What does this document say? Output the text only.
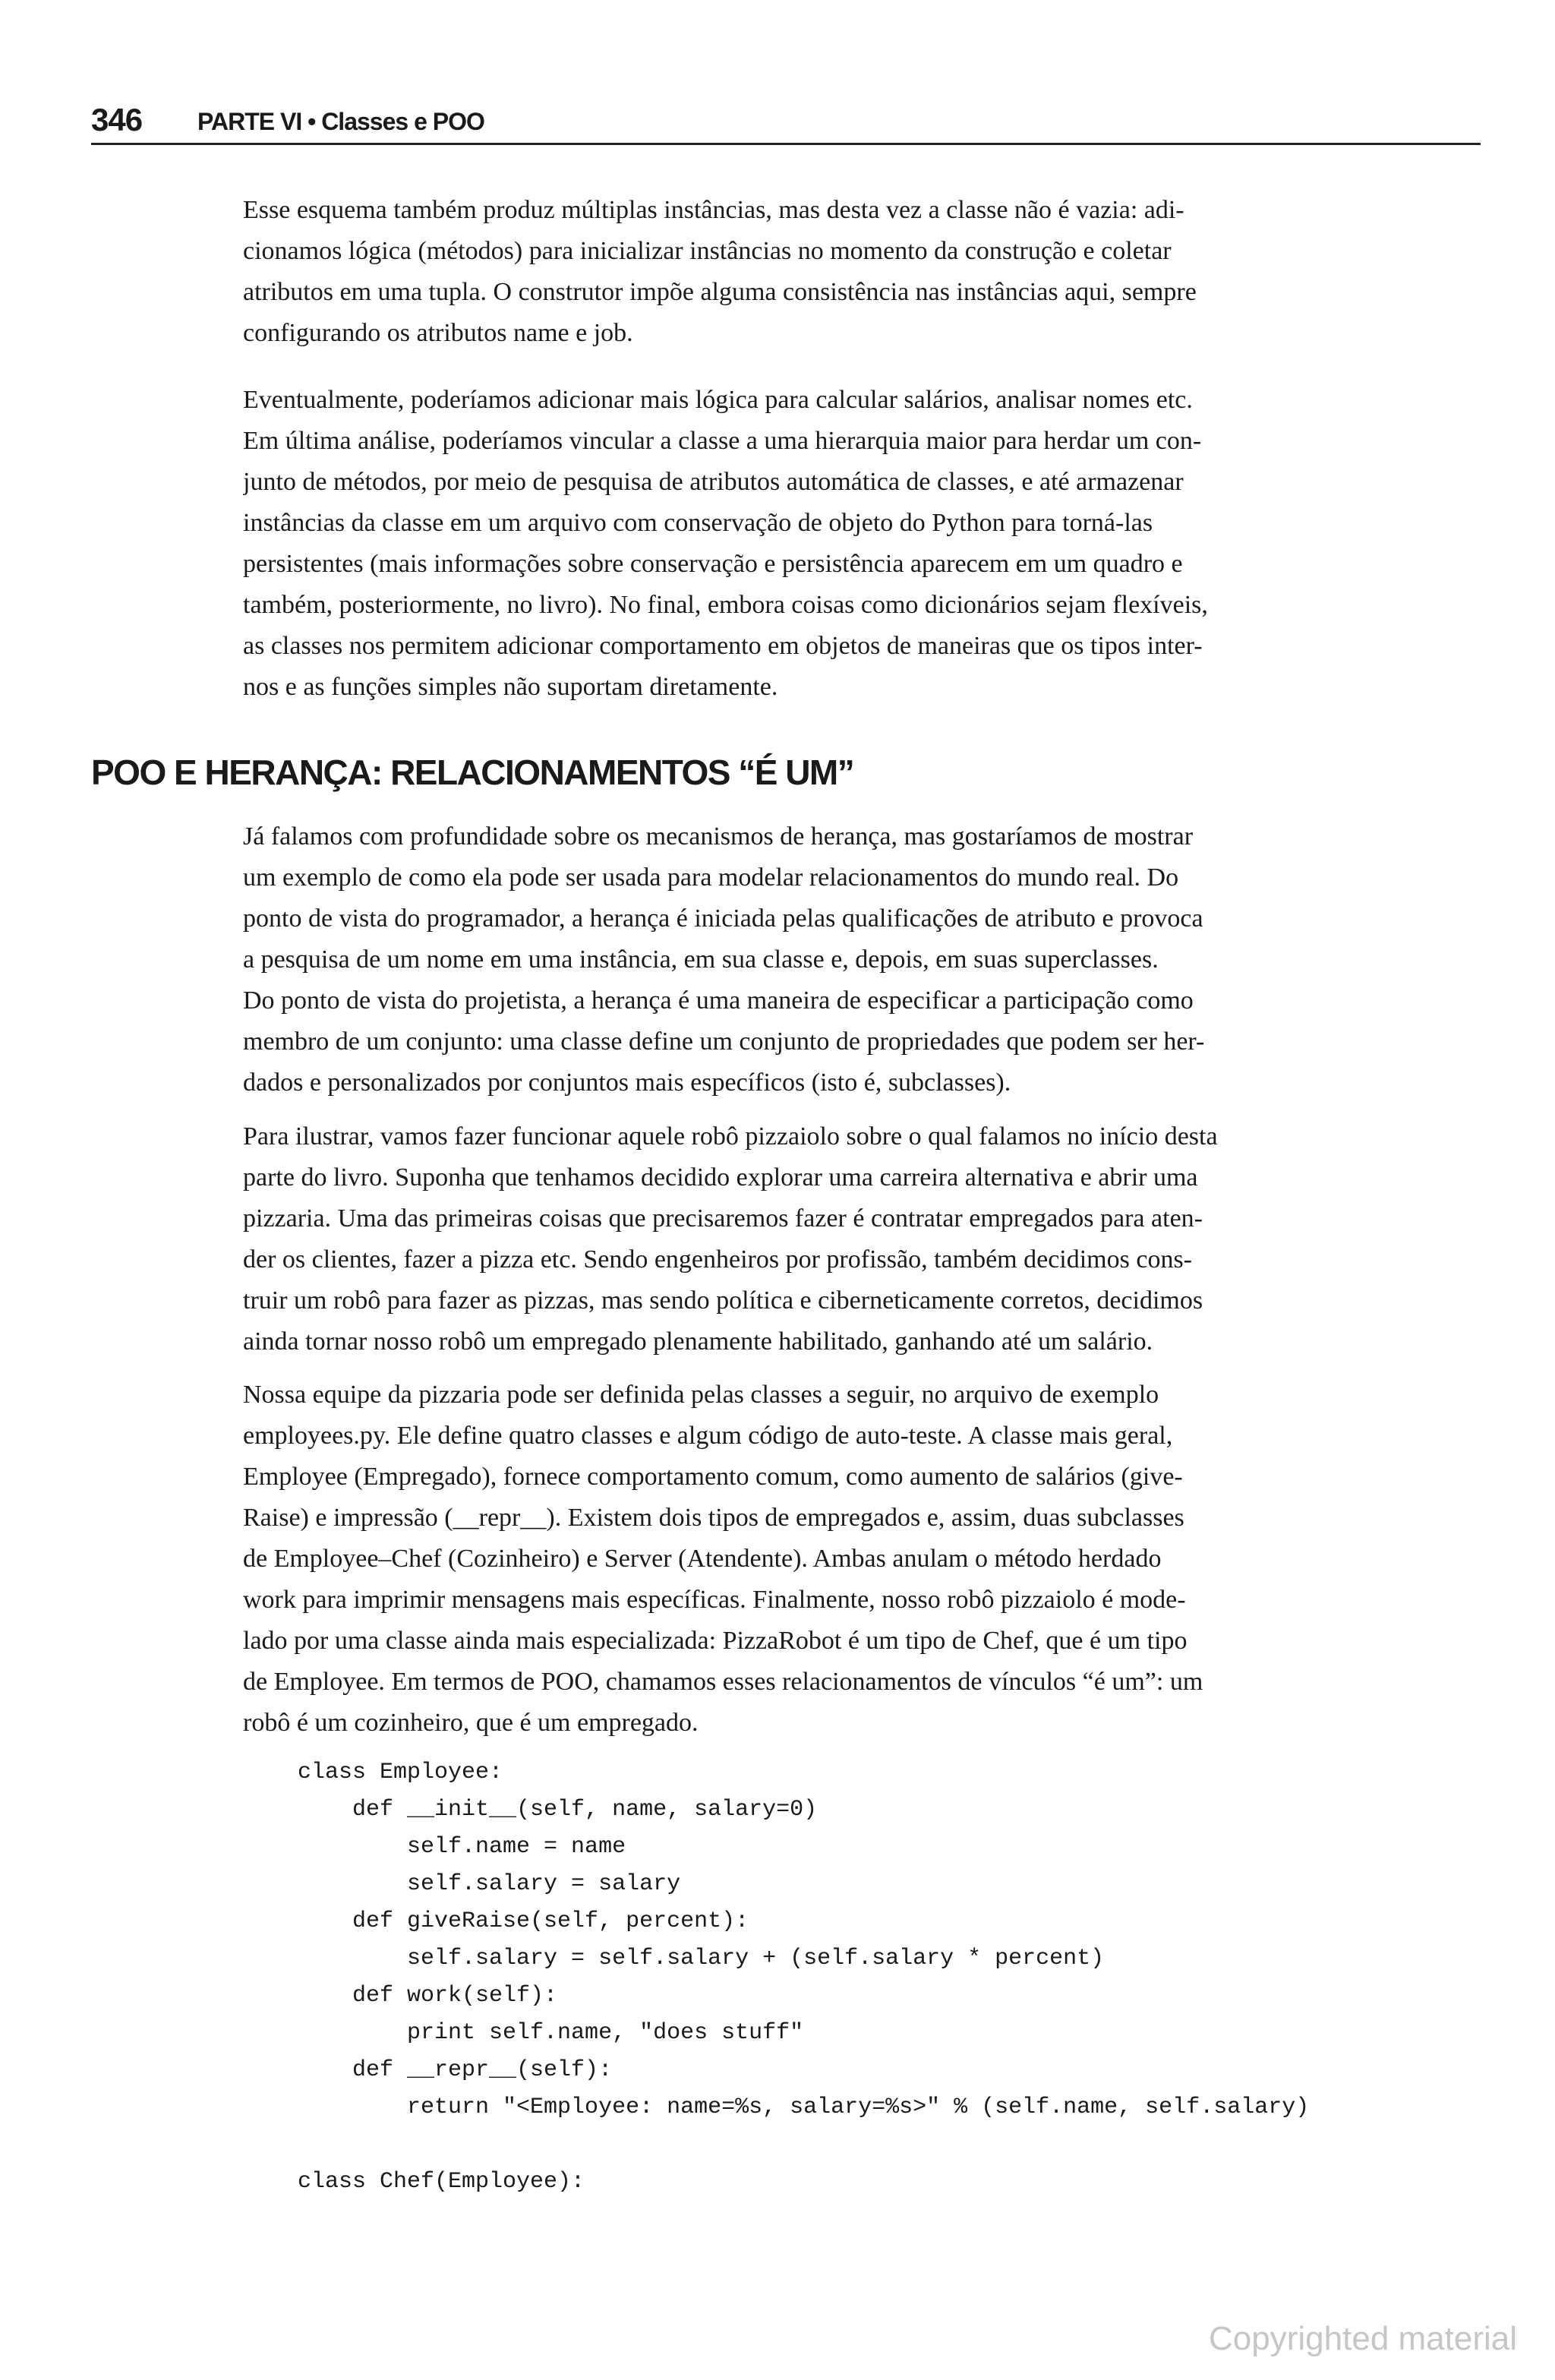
346 PARTE VI • Classes e POO

Esse esquema também produz múltiplas instâncias, mas desta vez a classe não é vazia: adi-
cionamos lógica (métodos) para inicializar instâncias no momento da construção e coletar
atributos em uma tupla. O construtor impõe alguma consistência nas instâncias aqui, sempre
configurando os atributos name e job.

Eventualmente, poderíamos adicionar mais lógica para calcular salários, analisar nomes etc.
Em última análise, poderíamos vincular a classe a uma hierarquia maior para herdar um con-
junto de métodos, por meio de pesquisa de atributos automática de classes, e até armazenar
instâncias da classe em um arquivo com conservação de objeto do Python para torná-las
persistentes (mais informações sobre conservação e persistência aparecem em um quadro e
também, posteriormente, no livro). No final, embora coisas como dicionários sejam flexíveis,
as classes nos permitem adicionar comportamento em objetos de maneiras que os tipos inter-
nos e as funções simples não suportam diretamente.

POO E HERANÇA: RELACIONAMENTOS “É UM”

Já falamos com profundidade sobre os mecanismos de herança, mas gostaríamos de mostrar
um exemplo de como ela pode ser usada para modelar relacionamentos do mundo real. Do
ponto de vista do programador, a herança é iniciada pelas qualificações de atributo e provoca
a pesquisa de um nome em uma instância, em sua classe e, depois, em suas superclasses.
Do ponto de vista do projetista, a herança é uma maneira de especificar a participação como
membro de um conjunto: uma classe define um conjunto de propriedades que podem ser her-
dados e personalizados por conjuntos mais específicos (isto é, subclasses).

Para ilustrar, vamos fazer funcionar aquele robô pizzaiolo sobre o qual falamos no início desta
parte do livro. Suponha que tenhamos decidido explorar uma carreira alternativa e abrir uma
pizzaria. Uma das primeiras coisas que precisaremos fazer é contratar empregados para aten-
der os clientes, fazer a pizza etc. Sendo engenheiros por profissão, também decidimos cons-
truir um robô para fazer as pizzas, mas sendo política e ciberneticamente corretos, decidimos
ainda tornar nosso robô um empregado plenamente habilitado, ganhando até um salário.

Nossa equipe da pizzaria pode ser definida pelas classes a seguir, no arquivo de exemplo
employees.py. Ele define quatro classes e algum código de auto-teste. A classe mais geral,
Employee (Empregado), fornece comportamento comum, como aumento de salários (give-
Raise) e impressão (__repr__). Existem dois tipos de empregados e, assim, duas subclasses
de Employee–Chef (Cozinheiro) e Server (Atendente). Ambas anulam o método herdado
work para imprimir mensagens mais específicas. Finalmente, nosso robô pizzaiolo é mode-
lado por uma classe ainda mais especializada: PizzaRobot é um tipo de Chef, que é um tipo
de Employee. Em termos de POO, chamamos esses relacionamentos de vínculos “é um”: um
robô é um cozinheiro, que é um empregado.

class Employee:
def __init__(self, name, salary=0)
self.name = name
self.salary = salary
def giveRaise(self, percent):
self.salary = self.salary + (self.salary * percent)
def work(self):
print self.name, "does stuff"
def __repr__(self):
return "<Employee: name=%s, salary=%s>" % (self.name, self.salary)

class Chef(Employee):
Copyrighted material
